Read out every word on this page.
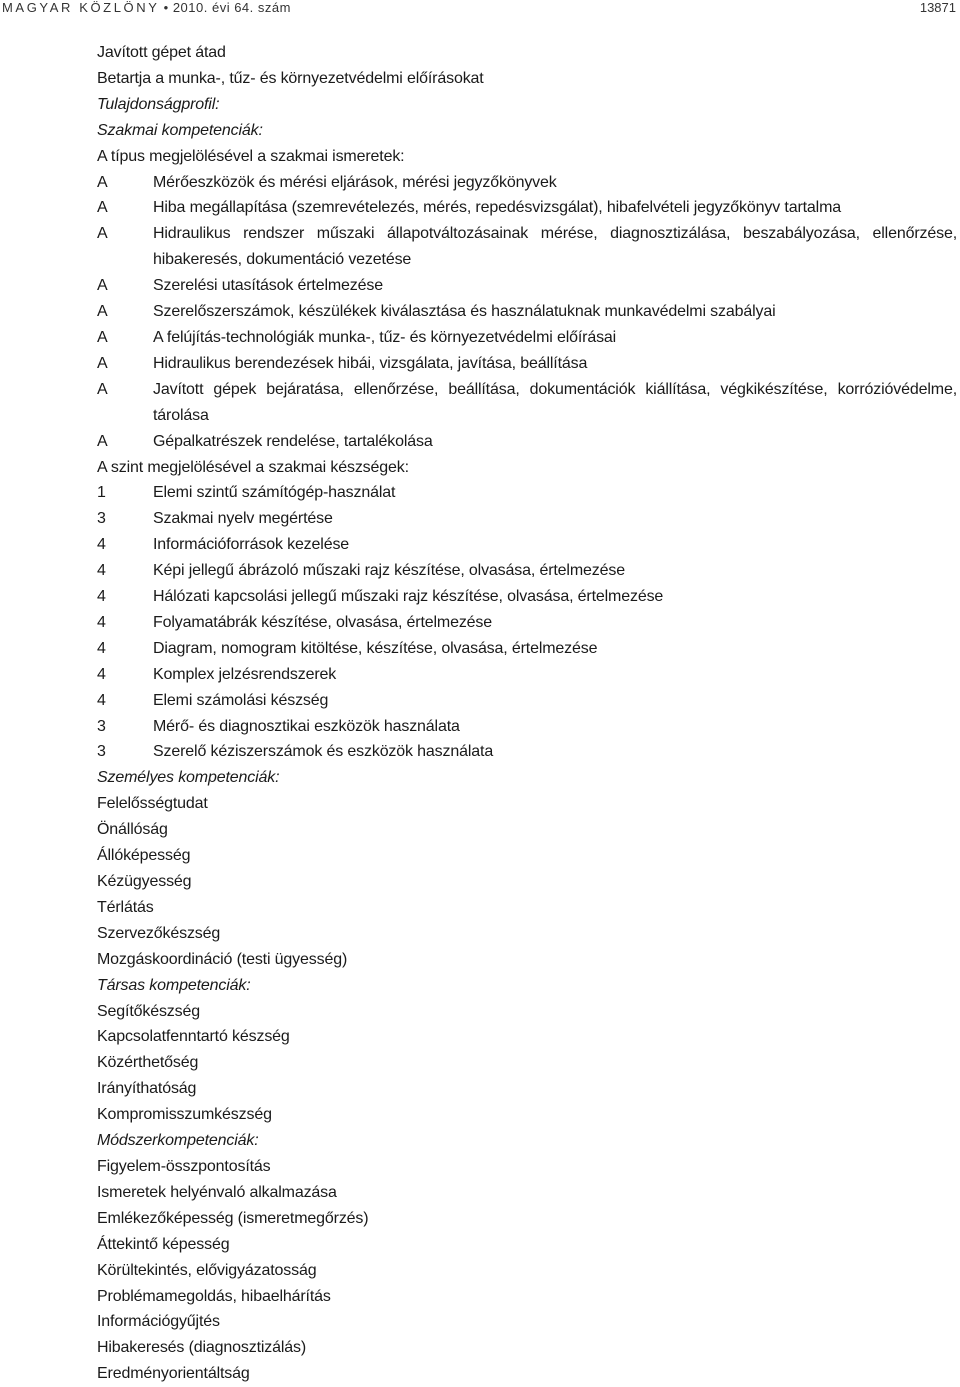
MAGYAR KÖZLÖNY • 2010. évi 64. szám	13871
Javított gépet átad
Betartja a munka-, tűz- és környezetvédelmi előírásokat
Tulajdonságprofil:
Szakmai kompetenciák:
A típus megjelölésével a szakmai ismeretek:
A	Mérőeszközök és mérési eljárások, mérési jegyzőkönyvek
A	Hiba megállapítása (szemrevételezés, mérés, repedésvizsgálat), hibafelvételi jegyzőkönyv tartalma
A	Hidraulikus rendszer műszaki állapotváltozásainak mérése, diagnosztizálása, beszabályozása, ellenőrzése, hibakeresés, dokumentáció vezetése
A	Szerelési utasítások értelmezése
A	Szerelőszerszámok, készülékek kiválasztása és használatuknak munkavédelmi szabályai
A	A felújítás-technológiák munka-, tűz- és környezetvédelmi előírásai
A	Hidraulikus berendezések hibái, vizsgálata, javítása, beállítása
A	Javított gépek bejáratása, ellenőrzése, beállítása, dokumentációk kiállítása, végkikészítése, korrózióvédelme, tárolása
A	Gépalkatrészek rendelése, tartalékolása
A szint megjelölésével a szakmai készségek:
1	Elemi szintű számítógép-használat
3	Szakmai nyelv megértése
4	Információforrások kezelése
4	Képi jellegű ábrázoló műszaki rajz készítése, olvasása, értelmezése
4	Hálózati kapcsolási jellegű műszaki rajz készítése, olvasása, értelmezése
4	Folyamatábrák készítése, olvasása, értelmezése
4	Diagram, nomogram kitöltése, készítése, olvasása, értelmezése
4	Komplex jelzésrendszerek
4	Elemi számolási készség
3	Mérő- és diagnosztikai eszközök használata
3	Szerelő kéziszerszámok és eszközök használata
Személyes kompetenciák:
Felelősségtudat
Önállóság
Állóképesség
Kézügyesség
Térlátás
Szervezőkészség
Mozgáskoordináció (testi ügyesség)
Társas kompetenciák:
Segítőkészség
Kapcsolatfenntartó készség
Közérthetőség
Irányíthatóság
Kompromisszumkészség
Módszerkompetenciák:
Figyelem-összpontosítás
Ismeretek helyénvaló alkalmazása
Emlékezőképesség (ismeretmegőrzés)
Áttekintő képesség
Körültekintés, elővigyázatosság
Problémamegoldás, hibaelhárítás
Információgyűjtés
Hibakeresés (diagnosztizálás)
Eredményorientáltság
